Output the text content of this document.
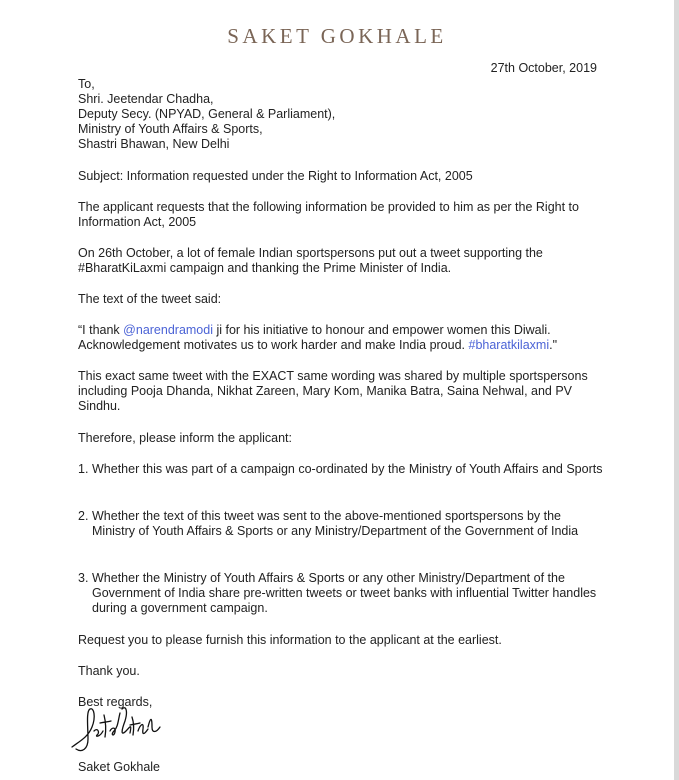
SAKET GOKHALE
27th October, 2019

To,

Shri. Jeetendar Chadha,

Deputy Secy. (NPYAD, General & Parliament),

Ministry of Youth Affairs & Sports,

Shastri Bhawan, New Delhi

Subject: Information requested under the Right to Information Act, 2005

The applicant requests that the following information be provided to him as per the Right to Information Act, 2005

On 26th October, a lot of female Indian sportspersons put out a tweet supporting the #BharatKiLaxmi campaign and thanking the Prime Minister of India.

The text of the tweet said:

“I thank @narendramodi ji for his initiative to honour and empower women this Diwali. Acknowledgement motivates us to work harder and make India proud. #bharatkilaxmi."

This exact same tweet with the EXACT same wording was shared by multiple sportspersons including Pooja Dhanda, Nikhat Zareen, Mary Kom, Manika Batra, Saina Nehwal, and PV Sindhu.

Therefore, please inform the applicant:

1. Whether this was part of a campaign co-ordinated by the Ministry of Youth Affairs and Sports
2. Whether the text of this tweet was sent to the above-mentioned sportspersons by the Ministry of Youth Affairs & Sports or any Ministry/Department of the Government of India
3. Whether the Ministry of Youth Affairs & Sports or any other Ministry/Department of the Government of India share pre-written tweets or tweet banks with influential Twitter handles during a government campaign.

Request you to please furnish this information to the applicant at the earliest.

Thank you.

Best regards,

Saket Gokhale
